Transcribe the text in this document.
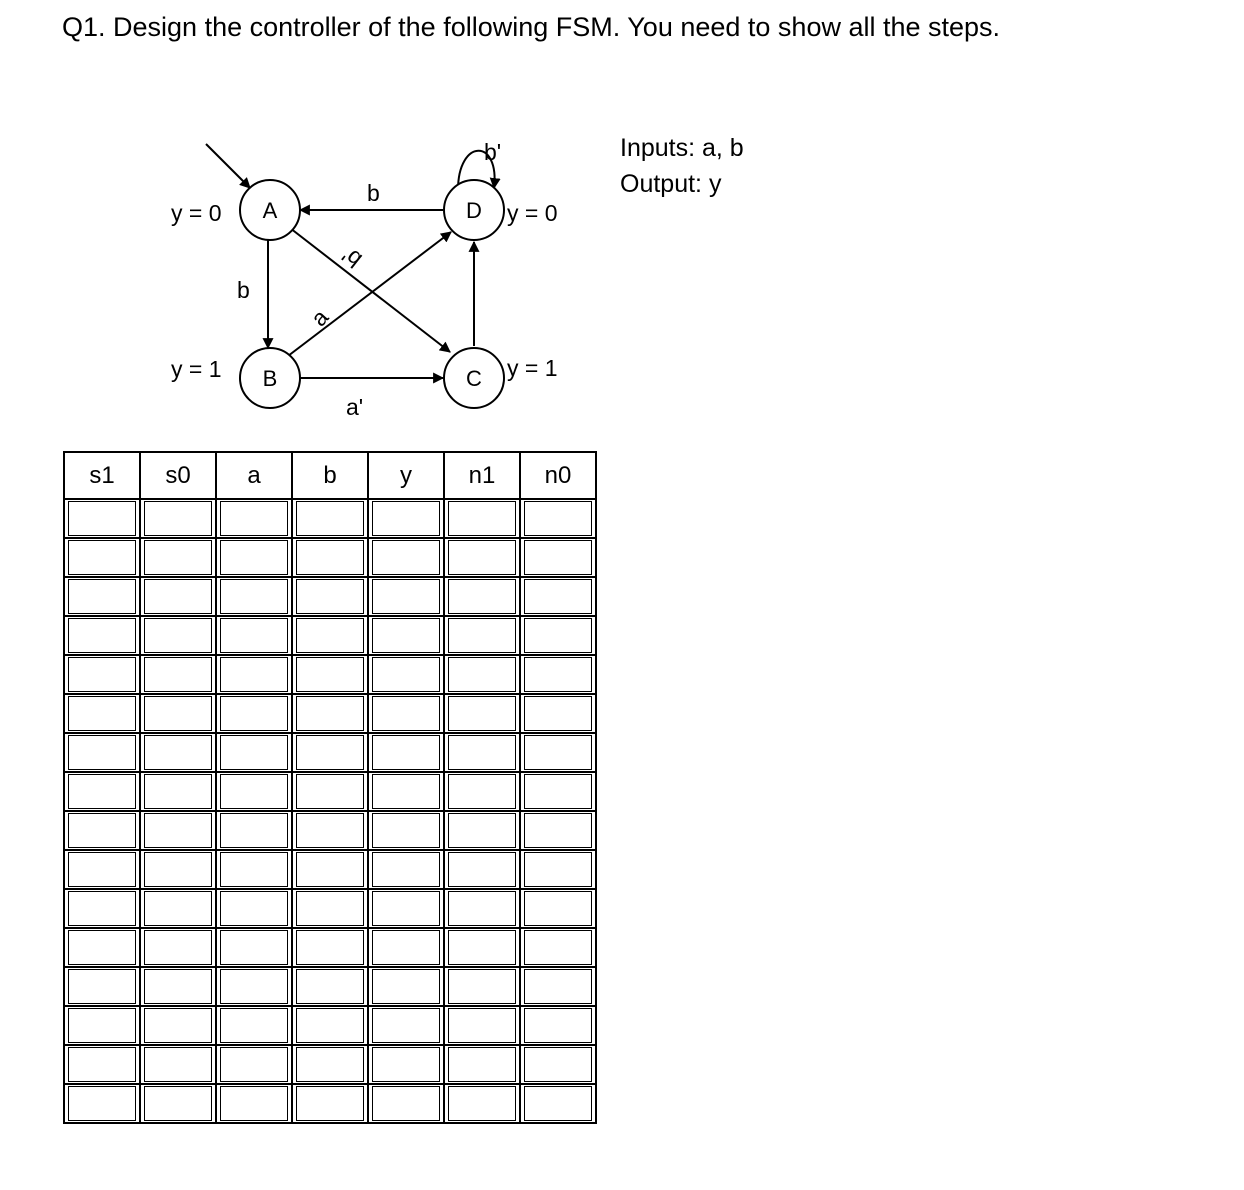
Q1. Design the controller of the following FSM. You need to show all the steps.
A
B	C
D
y = 0
y = 1	y = 1
y = 0
b
b
b'
a
a'
b'	Inputs: a, b
Output: y
s1	s0	a	b	y	n1	n0
